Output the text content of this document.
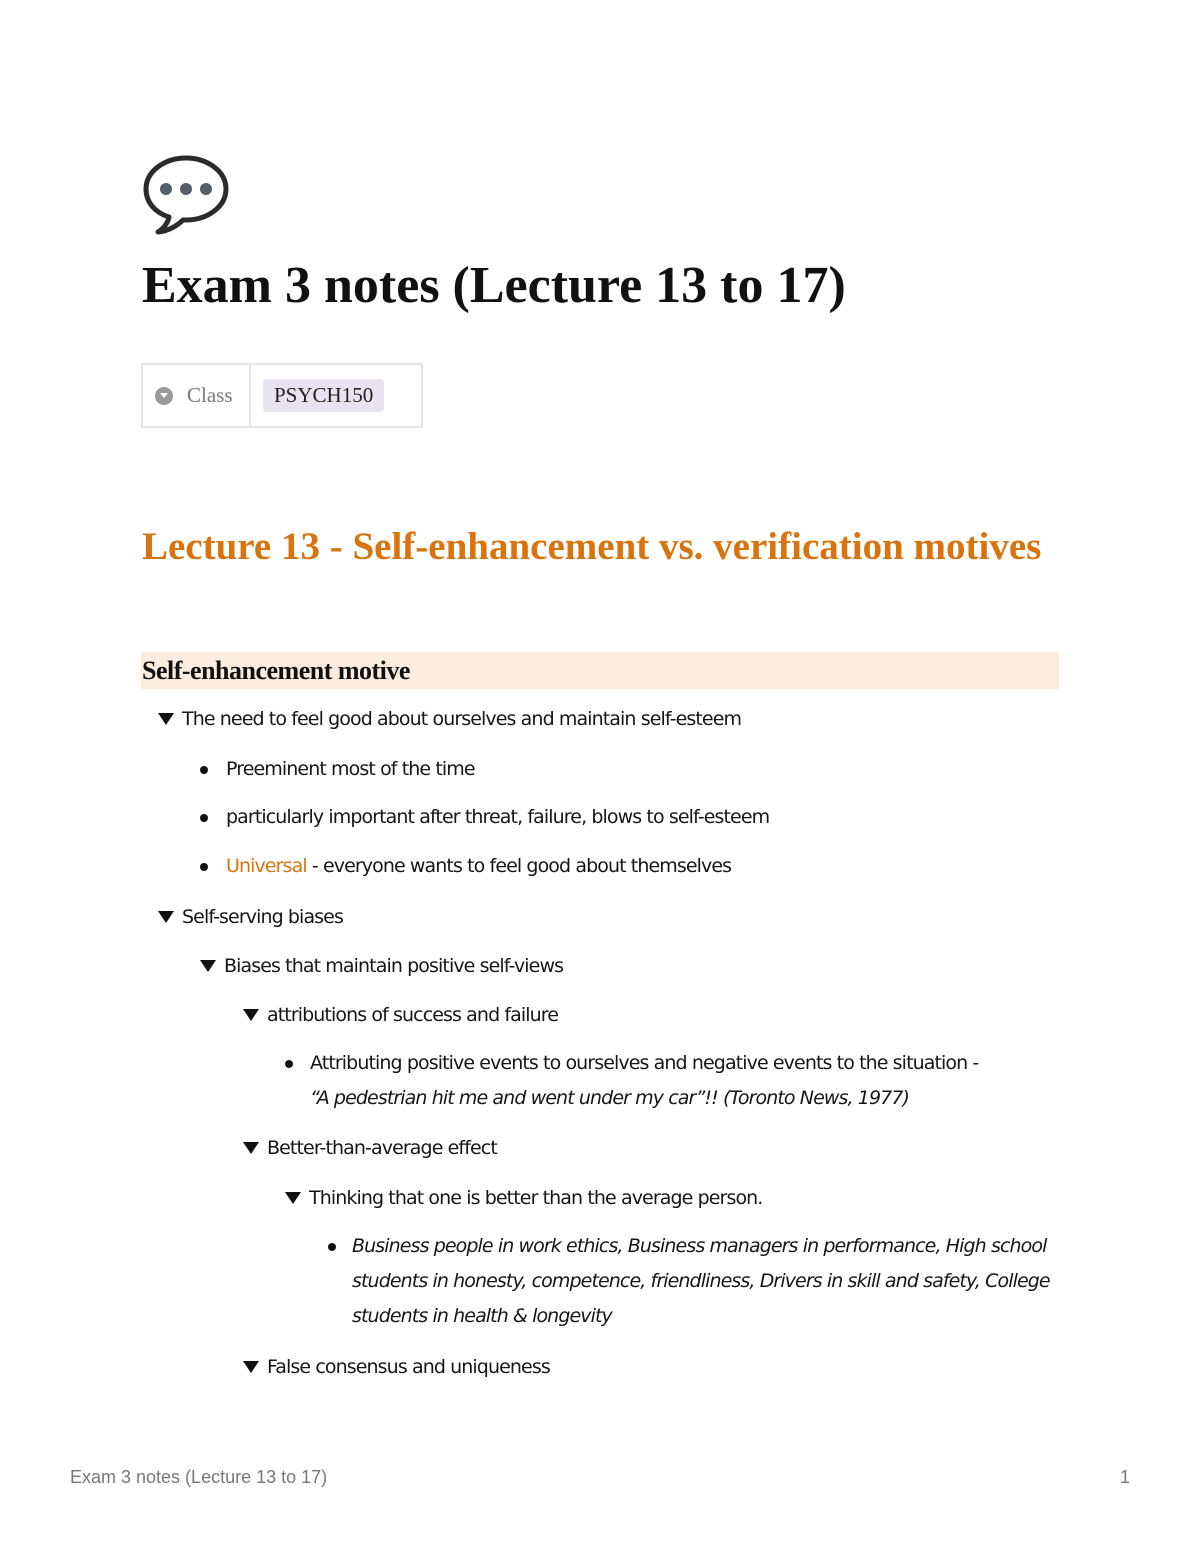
Exam 3 notes (Lecture 13 to 17)
Class	PSYCH150
Lecture 13 - Self-enhancement vs. verification motives
Self-enhancement motive

The need to feel good about ourselves and maintain self-esteem

Preeminent most of the time

particularly important after threat, failure, blows to self-esteem

Universal - everyone wants to feel good about themselves

Self-serving biases

Biases that maintain positive self-views

attributions of success and failure

Attributing positive events to ourselves and negative events to the situation -

“A pedestrian hit me and went under my car”!! (Toronto News, 1977)

Better-than-average effect

Thinking that one is better than the average person.

Business people in work ethics, Business managers in performance, High school students in honesty, competence, friendliness, Drivers in skill and safety, College students in health & longevity

False consensus and uniqueness

Exam 3 notes (Lecture 13 to 17)	1
